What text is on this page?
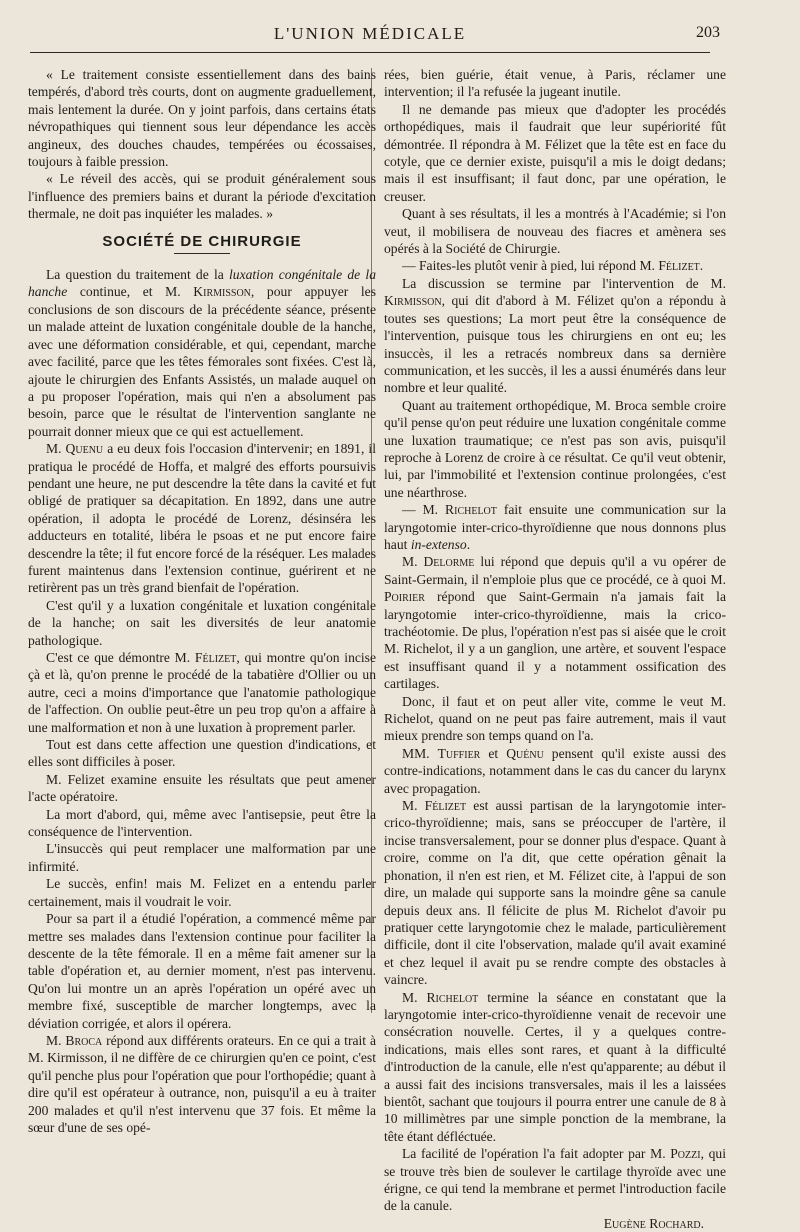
L'UNION MÉDICALE	203

« Le traitement consiste essentiellement dans des bains tempérés, d'abord très courts, dont on augmente graduellement, mais lentement la durée. On y joint parfois, dans certains états névropathiques qui tiennent sous leur dépendance les accès angineux, des douches chaudes, tempérées ou écossaises, toujours à faible pression.

« Le réveil des accès, qui se produit généralement sous l'influence des premiers bains et durant la période d'excitation thermale, ne doit pas inquiéter les malades. »

SOCIÉTÉ DE CHIRURGIE

La question du traitement de la luxation congénitale de la hanche continue, et M. Kirmisson, pour appuyer les conclusions de son discours de la précédente séance, présente un malade atteint de luxation congénitale double de la hanche, avec une déformation considérable, et qui, cependant, marche avec facilité, parce que les têtes fémorales sont fixées. C'est là, ajoute le chirurgien des Enfants Assistés, un malade auquel on a pu proposer l'opération, mais qui n'en a absolument pas besoin, parce que le résultat de l'intervention sanglante ne pourrait donner mieux que ce qui est actuellement.

M. Quenu a eu deux fois l'occasion d'intervenir; en 1891, il pratiqua le procédé de Hoffa, et malgré des efforts poursuivis pendant une heure, ne put descendre la tête dans la cavité et fut obligé de pratiquer sa décapitation. En 1892, dans une autre opération, il adopta le procédé de Lorenz, désinséra les adducteurs en totalité, libéra le psoas et ne put encore faire descendre la tête; il fut encore forcé de la réséquer. Les malades furent maintenus dans l'extension continue, guérirent et ne retirèrent pas un très grand bienfait de l'opération.

C'est qu'il y a luxation congénitale et luxation congénitale de la hanche; on sait les diversités de leur anatomie pathologique.

C'est ce que démontre M. Félizet, qui montre qu'on incise çà et là, qu'on prenne le procédé de la tabatière d'Ollier ou un autre, ceci a moins d'importance que l'anatomie pathologique de l'affection. On oublie peut-être un peu trop qu'on a affaire à une malformation et non à une luxation à proprement parler.

Tout est dans cette affection une question d'indications, et elles sont difficiles à poser.

M. Felizet examine ensuite les résultats que peut amener l'acte opératoire.

La mort d'abord, qui, même avec l'antisepsie, peut être la conséquence de l'intervention.

L'insuccès qui peut remplacer une malformation par une infirmité.

Le succès, enfin! mais M. Felizet en a entendu parler certainement, mais il voudrait le voir.

Pour sa part il a étudié l'opération, a commencé même par mettre ses malades dans l'extension continue pour faciliter la descente de la tête fémorale. Il en a même fait amener sur la table d'opération et, au dernier moment, n'est pas intervenu. Qu'on lui montre un an après l'opération un opéré avec un membre fixé, susceptible de marcher longtemps, avec la déviation corrigée, et alors il opérera.

M. Broca répond aux différents orateurs. En ce qui a trait à M. Kirmisson, il ne diffère de ce chirurgien qu'en ce point, c'est qu'il penche plus pour l'opération que pour l'orthopédie; quant à dire qu'il est opérateur à outrance, non, puisqu'il a eu à traiter 200 malades et qu'il n'est intervenu que 37 fois. Et même la sœur d'une de ses opé-

rées, bien guérie, était venue, à Paris, réclamer une intervention; il l'a refusée la jugeant inutile.

Il ne demande pas mieux que d'adopter les procédés orthopédiques, mais il faudrait que leur supériorité fût démontrée. Il répondra à M. Félizet que la tête est en face du cotyle, que ce dernier existe, puisqu'il a mis le doigt dedans; mais il est insuffisant; il faut donc, par une opération, le creuser.

Quant à ses résultats, il les a montrés à l'Académie; si l'on veut, il mobilisera de nouveau des fiacres et amènera ses opérés à la Société de Chirurgie.

— Faites-les plutôt venir à pied, lui répond M. Félizet.

La discussion se termine par l'intervention de M. Kirmisson, qui dit d'abord à M. Félizet qu'on a répondu à toutes ses questions; La mort peut être la conséquence de l'intervention, puisque tous les chirurgiens en ont eu; les insuccès, il les a retracés nombreux dans sa dernière communication, et les succès, il les a aussi énumérés dans leur nombre et leur qualité.

Quant au traitement orthopédique, M. Broca semble croire qu'il pense qu'on peut réduire une luxation congénitale comme une luxation traumatique; ce n'est pas son avis, puisqu'il reproche à Lorenz de croire à ce résultat. Ce qu'il veut obtenir, lui, par l'immobilité et l'extension continue prolongées, c'est une néarthrose.

— M. Richelot fait ensuite une communication sur la laryngotomie inter-crico-thyroïdienne que nous donnons plus haut in-extenso.

M. Delorme lui répond que depuis qu'il a vu opérer de Saint-Germain, il n'emploie plus que ce procédé, ce à quoi M. Poirier répond que Saint-Germain n'a jamais fait la laryngotomie inter-crico-thyroïdienne, mais la crico-trachéotomie. De plus, l'opération n'est pas si aisée que le croit M. Richelot, il y a un ganglion, une artère, et souvent l'espace est insuffisant quand il y a notamment ossification des cartilages.

Donc, il faut et on peut aller vite, comme le veut M. Richelot, quand on ne peut pas faire autrement, mais il vaut mieux prendre son temps quand on l'a.

MM. Tuffier et Quénu pensent qu'il existe aussi des contre-indications, notamment dans le cas du cancer du larynx avec propagation.

M. Félizet est aussi partisan de la laryngotomie inter-crico-thyroïdienne; mais, sans se préoccuper de l'artère, il incise transversalement, pour se donner plus d'espace. Quant à croire, comme on l'a dit, que cette opération gênait la phonation, il n'en est rien, et M. Félizet cite, à l'appui de son dire, un malade qui supporte sans la moindre gêne sa canule depuis deux ans. Il félicite de plus M. Richelot d'avoir pu pratiquer cette laryngotomie chez le malade, particulièrement difficile, dont il cite l'observation, malade qu'il avait examiné et chez lequel il avait pu se rendre compte des obstacles à vaincre.

M. Richelot termine la séance en constatant que la laryngotomie inter-crico-thyroïdienne venait de recevoir une consécration nouvelle. Certes, il y a quelques contre-indications, mais elles sont rares, et quant à la difficulté d'introduction de la canule, elle n'est qu'apparente; au début il a aussi fait des incisions transversales, mais il les a laissées bientôt, sachant que toujours il pourra entrer une canule de 8 à 10 millimètres par une simple ponction de la membrane, la tête étant défléctuée.

La facilité de l'opération l'a fait adopter par M. Pozzi, qui se trouve très bien de soulever le cartilage thyroïde avec une érigne, ce qui tend la membrane et permet l'introduction facile de la canule.

Eugène Rochard.
